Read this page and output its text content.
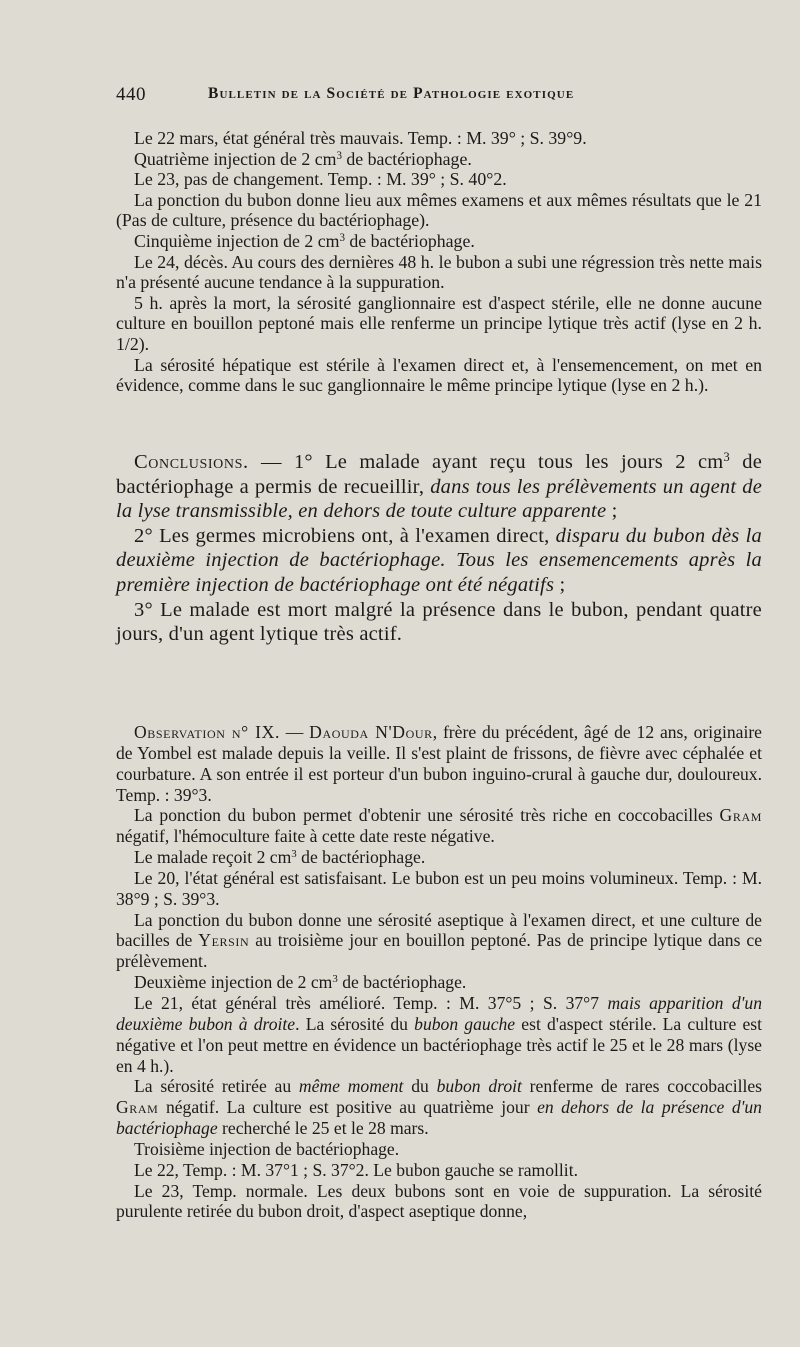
440	Bulletin de la Société de Pathologie exotique

Le 22 mars, état général très mauvais. Temp. : M. 39° ; S. 39°9.

Quatrième injection de 2 $cm^3$ de bactériophage.

Le 23, pas de changement. Temp. : M. 39° ; S. 40°2.

La ponction du bubon donne lieu aux mêmes examens et aux mêmes résultats que le 21 (Pas de culture, présence du bactériophage).

Cinquième injection de 2 $cm^3$ de bactériophage.

Le 24, décès. Au cours des dernières 48 h. le bubon a subi une régression très nette mais n'a présenté aucune tendance à la suppuration.

5 h. après la mort, la sérosité ganglionnaire est d'aspect stérile, elle ne donne aucune culture en bouillon peptoné mais elle renferme un principe lytique très actif (lyse en 2 h. 1/2).

La sérosité hépatique est stérile à l'examen direct et, à l'ensemencement, on met en évidence, comme dans le suc ganglionnaire le même principe lytique (lyse en 2 h.).

Conclusions. — 1° Le malade ayant reçu tous les jours 2 $cm^3$ de bactériophage a permis de recueillir, dans tous les prélèvements un agent de la lyse transmissible, en dehors de toute culture apparente ;

2° Les germes microbiens ont, à l'examen direct, disparu du bubon dès la deuxième injection de bactériophage. Tous les ensemencements après la première injection de bactériophage ont été négatifs ;

3° Le malade est mort malgré la présence dans le bubon, pendant quatre jours, d'un agent lytique très actif.

Observation n° IX. — Daouda N'Dour, frère du précédent, âgé de 12 ans, originaire de Yombel est malade depuis la veille. Il s'est plaint de frissons, de fièvre avec céphalée et courbature. A son entrée il est porteur d'un bubon inguino-crural à gauche dur, douloureux. Temp. : 39°3.

La ponction du bubon permet d'obtenir une sérosité très riche en coccobacilles Gram négatif, l'hémoculture faite à cette date reste négative.

Le malade reçoit 2 $cm^3$ de bactériophage.

Le 20, l'état général est satisfaisant. Le bubon est un peu moins volumineux. Temp. : M. 38°9 ; S. 39°3.

La ponction du bubon donne une sérosité aseptique à l'examen direct, et une culture de bacilles de Yersin au troisième jour en bouillon peptoné. Pas de principe lytique dans ce prélèvement.

Deuxième injection de 2 $cm^3$ de bactériophage.

Le 21, état général très amélioré. Temp. : M. 37°5 ; S. 37°7 mais apparition d'un deuxième bubon à droite. La sérosité du bubon gauche est d'aspect stérile. La culture est négative et l'on peut mettre en évidence un bactériophage très actif le 25 et le 28 mars (lyse en 4 h.).

La sérosité retirée au même moment du bubon droit renferme de rares coccobacilles Gram négatif. La culture est positive au quatrième jour en dehors de la présence d'un bactériophage recherché le 25 et le 28 mars.

Troisième injection de bactériophage.

Le 22, Temp. : M. 37°1 ; S. 37°2. Le bubon gauche se ramollit.

Le 23, Temp. normale. Les deux bubons sont en voie de suppuration. La sérosité purulente retirée du bubon droit, d'aspect aseptique donne,
